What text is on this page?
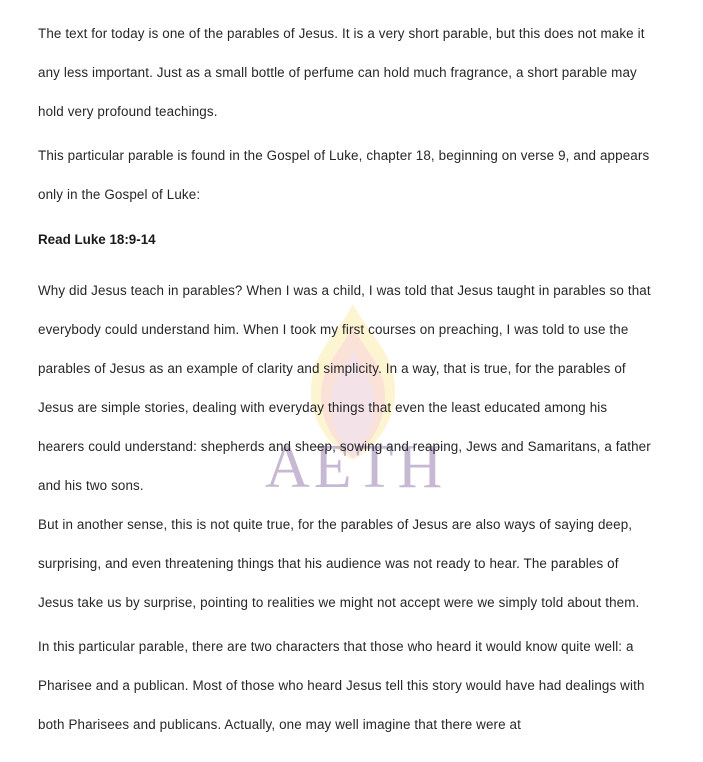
AETH

The text for today is one of the parables of Jesus. It is a very short parable, but this does not make it any less important. Just as a small bottle of perfume can hold much fragrance, a short parable may hold very profound teachings.

This particular parable is found in the Gospel of Luke, chapter 18, beginning on verse 9, and appears only in the Gospel of Luke:

Read Luke 18:9-14

Why did Jesus teach in parables? When I was a child, I was told that Jesus taught in parables so that everybody could understand him. When I took my first courses on preaching, I was told to use the parables of Jesus as an example of clarity and simplicity. In a way, that is true, for the parables of Jesus are simple stories, dealing with everyday things that even the least educated among his hearers could understand: shepherds and sheep, sowing and reaping, Jews and Samaritans, a father and his two sons.

But in another sense, this is not quite true, for the parables of Jesus are also ways of saying deep, surprising, and even threatening things that his audience was not ready to hear. The parables of Jesus take us by surprise, pointing to realities we might not accept were we simply told about them.

In this particular parable, there are two characters that those who heard it would know quite well: a Pharisee and a publican. Most of those who heard Jesus tell this story would have had dealings with both Pharisees and publicans. Actually, one may well imagine that there were at
